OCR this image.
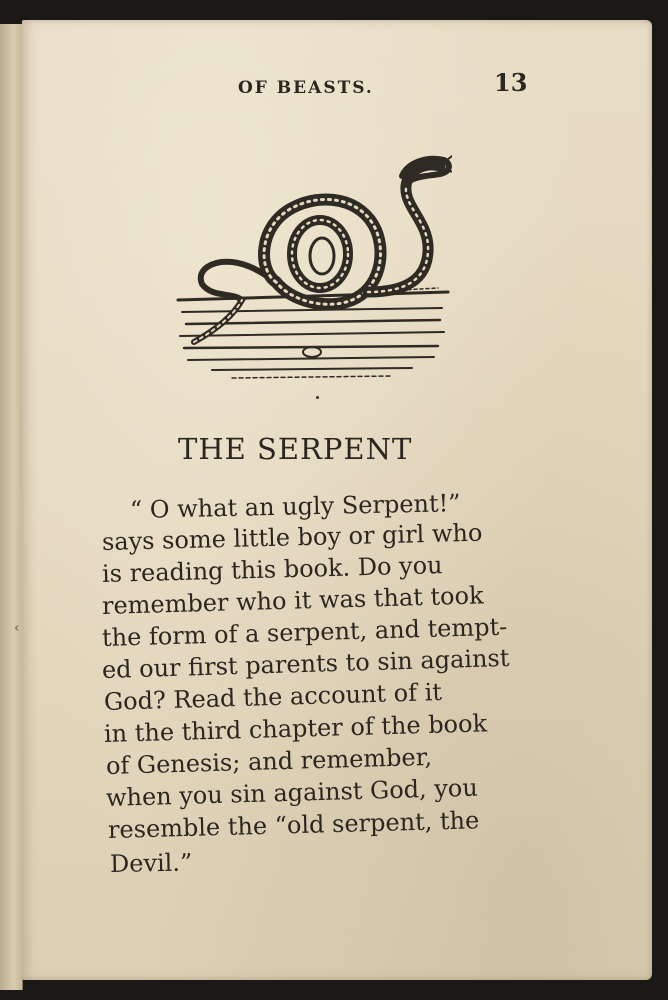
OF BEASTS.	13
THE SERPENT
“ O what an ugly Serpent!”
says some little boy or girl who
is reading this book. Do you
remember who it was that took
the form of a serpent, and tempt-
ed our first parents to sin against
God? Read the account of it
in the third chapter of the book
of Genesis; and remember,
when you sin against God, you
resemble the “old serpent, the
Devil.”
‹
